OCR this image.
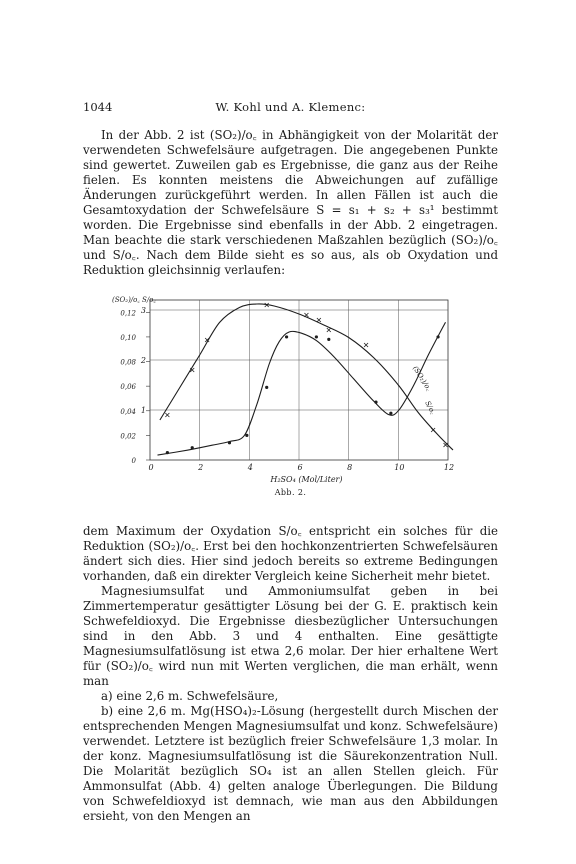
1044	W. Kohl und A. Klemenc:

In der Abb. 2 ist (SO₂)/o꜀ in Abhängigkeit von der Molarität der verwendeten Schwefelsäure aufgetragen. Die angegebenen Punkte sind gewertet. Zuweilen gab es Ergebnisse, die ganz aus der Reihe fielen. Es konnten meistens die Abweichungen auf zufällige Änderungen zurückgeführt werden. In allen Fällen ist auch die Gesamtoxydation der Schwefelsäure S = s₁ + s₂ + s₃¹ bestimmt worden. Die Ergebnisse sind ebenfalls in der Abb. 2 eingetragen. Man beachte die stark verschiedenen Maßzahlen bezüglich (SO₂)/o꜀ und S/o꜀. Nach dem Bilde sieht es so aus, als ob Oxydation und Reduktion gleichsinnig verlaufen:

0	2	4	6	8	10	12
3
2
1
0,12
0,10
0,08
0,06
0,04
0,02
0
(SO₂)/o꜀ S/o꜀
H₂SO₄ (Mol/Liter)
(SO₂)/o꜀
S/o꜀
Abb. 2.

dem Maximum der Oxydation S/o꜀ entspricht ein solches für die Reduktion (SO₂)/o꜀. Erst bei den hochkonzentrierten Schwefelsäuren ändert sich dies. Hier sind jedoch bereits so extreme Bedingungen vorhanden, daß ein direkter Vergleich keine Sicherheit mehr bietet.

Magnesiumsulfat und Ammoniumsulfat geben in bei Zimmertemperatur gesättigter Lösung bei der G. E. praktisch kein Schwefeldioxyd. Die Ergebnisse diesbezüglicher Untersuchungen sind in den Abb. 3 und 4 enthalten. Eine gesättigte Magnesiumsulfatlösung ist etwa 2,6 molar. Der hier erhaltene Wert für (SO₂)/o꜀ wird nun mit Werten verglichen, die man erhält, wenn man

a) eine 2,6 m. Schwefelsäure,

b) eine 2,6 m. Mg(HSO₄)₂-Lösung (hergestellt durch Mischen der entsprechenden Mengen Magnesiumsulfat und konz. Schwefelsäure) verwendet. Letztere ist bezüglich freier Schwefelsäure 1,3 molar. In der konz. Magnesiumsulfatlösung ist die Säurekonzentration Null. Die Molarität bezüglich SO₄ ist an allen Stellen gleich. Für Ammonsulfat (Abb. 4) gelten analoge Überlegungen. Die Bildung von Schwefeldioxyd ist demnach, wie man aus den Abbildungen ersieht, von den Mengen an
